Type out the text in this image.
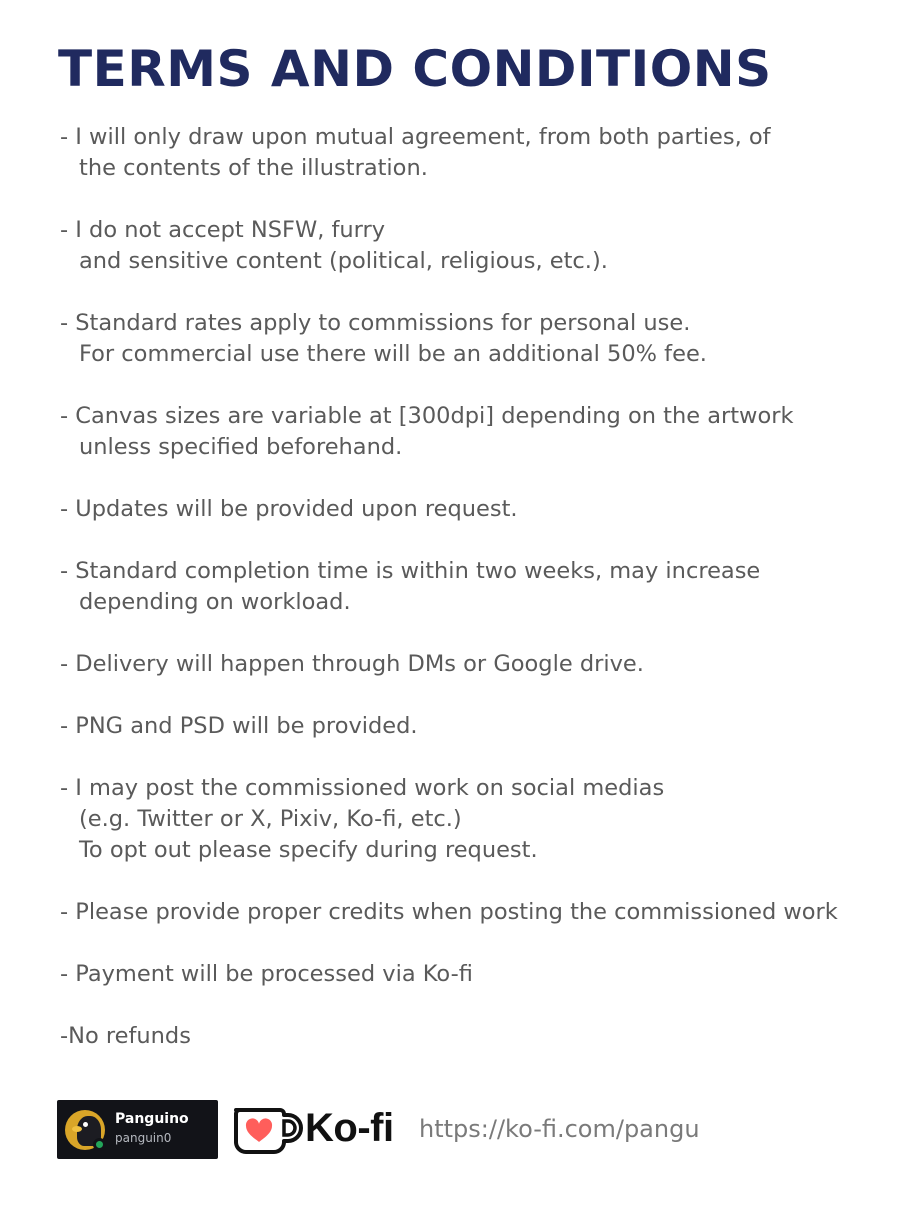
TERMS AND CONDITIONS

- I will only draw upon mutual agreement, from both parties, of
the contents of the illustration.

- I do not accept NSFW, furry
and sensitive content (political, religious, etc.).

- Standard rates apply to commissions for personal use.
For commercial use there will be an additional 50% fee.

- Canvas sizes are variable at [300dpi] depending on the artwork
unless specified beforehand.

- Updates will be provided upon request.

- Standard completion time is within two weeks, may increase
depending on workload.

- Delivery will happen through DMs or Google drive.

- PNG and PSD will be provided.

- I may post the commissioned work on social medias
(e.g. Twitter or X, Pixiv, Ko-fi, etc.)
To opt out please specify during request.

- Please provide proper credits when posting the commissioned work

- Payment will be processed via Ko-fi

-No refunds

Panguino
panguin0	Ko-fi https://ko-fi.com/pangu
